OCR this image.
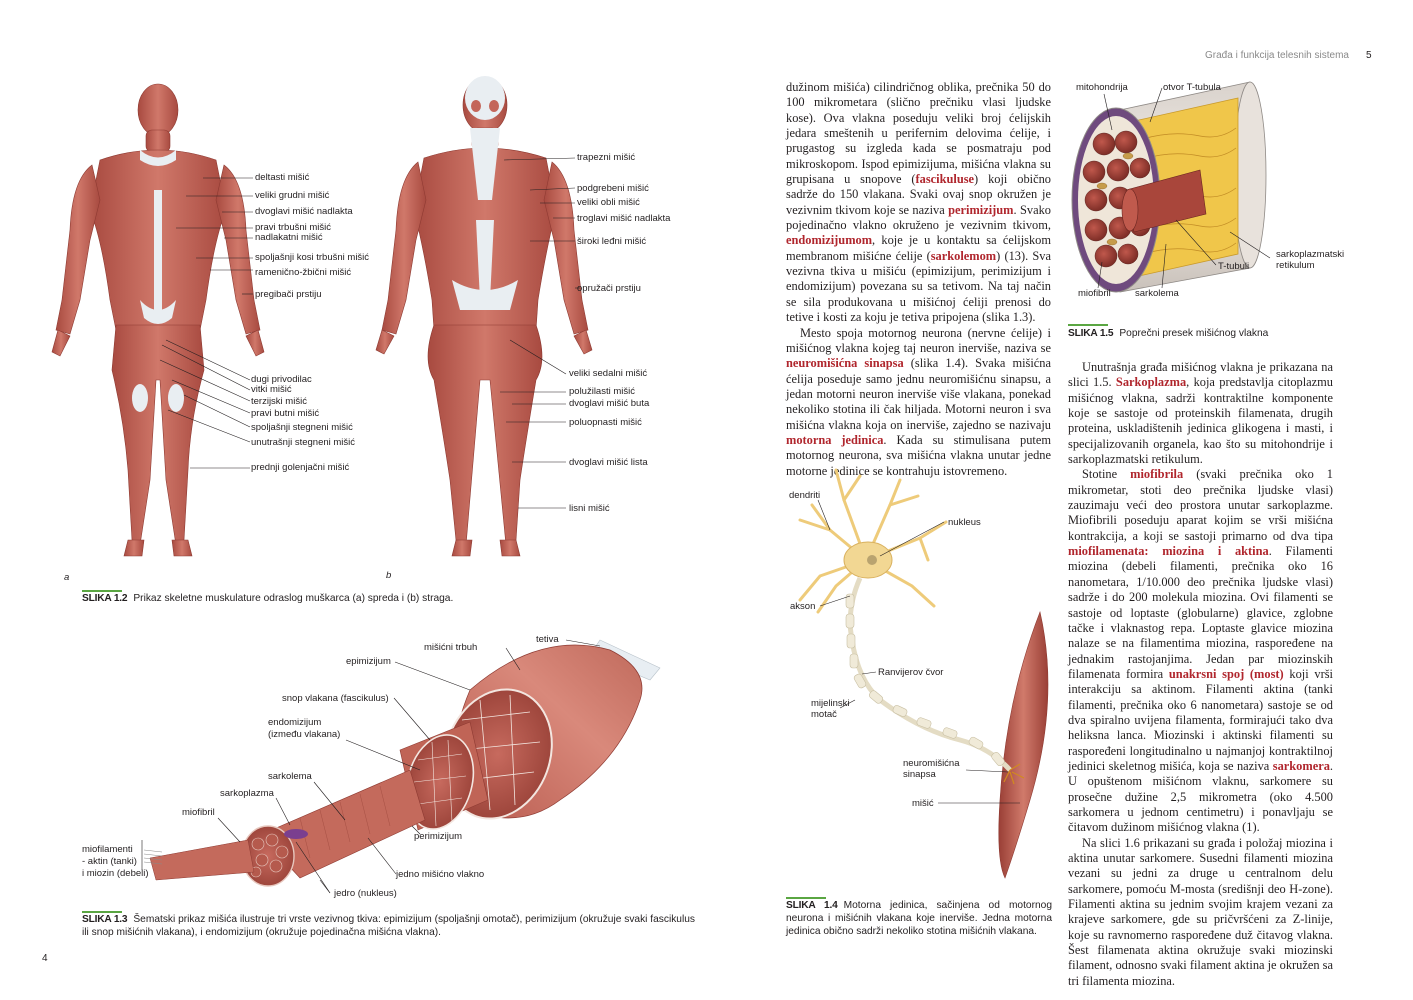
Građa i funkcija telesnih sistema 5
4
deltasti mišić
veliki grudni mišić
dvoglavi mišić nadlakta
pravi trbušni mišić
nadlakatni mišić
spoljašnji kosi trbušni mišić
rameničnо-žbični mišić
pregibači prstiju
dugi privodilac
vitki mišić
terzijski mišić
pravi butni mišić
spoljašnji stegneni mišić
unutrašnji stegneni mišić
prednji golenjačni mišić
trapezni mišić
podgrebeni mišić
veliki obli mišić
troglavi mišić nadlakta
široki leđni mišić
opružači prstiju
veliki sedalni mišić
polužilasti mišić
dvoglavi mišić buta
poluopnasti mišić
dvoglavi mišić lista
lisni mišić
a	b
SLIKA 1.2 Prikaz skeletne muskulature odraslog muškarca (a) spreda i (b) straga.
tetiva
mišićni trbuh
epimizijum
snop vlakana (fascikulus)
endomizijum
(između vlakana)
sarkolema
sarkoplazma
miofibril
perimizijum
miofilamenti
- aktin (tanki)
i miozin (debeli)	jedno mišićno vlakno
jedro (nukleus)
SLIKA 1.3 Šematski prikaz mišića ilustruje tri vrste vezivnog tkiva: epimizijum (spoljašnji omotač), perimizijum (okružuje svaki fascikulus ili snop mišićnih vlakana), i endomizijum (okružuje pojedinačna mišićna vlakna).

dužinom mišića) cilindričnog oblika, prečnika 50 do 100 mikrometara (slično prečniku vlasi ljudske kose). Ova vlakna poseduju veliki broj ćelijskih jedara smeštenih u perifernim delovima ćelije, i prugastog su izgleda kada se posmatraju pod mikroskopom. Ispod epimizijuma, mišićna vlakna su grupisana u snopove (fascikuluse) koji obično sadrže do 150 vlakana. Svaki ovaj snop okružen je vezivnim tkivom koje se naziva perimizijum. Svako pojedinačno vlakno okruženo je vezivnim tkivom, endomizijumom, koje je u kontaktu sa ćelijskom membranom mišićne ćelije (sarkolemom) (13). Sva vezivna tkiva u mišiću (epimizijum, perimizijum i endomizijum) povezana su sa tetivom. Na taj način se sila produkovana u mišićnoj ćeliji prenosi do tetive i kosti za koju je tetiva pripojena (slika 1.3).

Mesto spoja motornog neurona (nervne ćelije) i mišićnog vlakna kojeg taj neuron inerviše, naziva se neuromišićna sinapsa (slika 1.4). Svaka mišićna ćelija poseduje samo jednu neuromišićnu sinapsu, a jedan motorni neuron inerviše više vlakana, ponekad nekoliko stotina ili čak hiljada. Motorni neuron i sva mišićna vlakna koja on inerviše, zajedno se nazivaju motorna jedinica. Kada su stimulisana putem motornog neurona, sva mišićna vlakna unutar jedne motorne jedinice se kontrahuju istovremeno.

dendriti
nukleus
akson
Ranvijerov čvor
mijelinski
motač
neuromišićna
sinapsa
mišić
SLIKA 1.4 Motorna jedinica, sačinjena od motornog neurona i mišićnih vlakana koje inerviše. Jedna motorna jedinica obično sadrži nekoliko stotina mišićnih vlakana.
mitohondrija	otvor T-tubula
sarkoplazmatski
retikulum
T-tubuli
miofibril	sarkolema
SLIKA 1.5 Poprečni presek mišićnog vlakna

Unutrašnja građa mišićnog vlakna je prikazana na slici 1.5. Sarkoplazma, koja predstavlja citoplazmu mišićnog vlakna, sadrži kontraktilne komponente koje se sastoje od proteinskih filamenata, drugih proteina, uskladištenih jedinica glikogena i masti, i specijalizovanih organela, kao što su mitohondrije i sarkoplazmatski retikulum.

Stotine miofibrila (svaki prečnika oko 1 mikrometar, stoti deo prečnika ljudske vlasi) zauzimaju veći deo prostora unutar sarkoplazme. Miofibrili poseduju aparat kojim se vrši mišićna kontrakcija, a koji se sastoji primarno od dva tipa miofilamenata: miozina i aktina. Filamenti miozina (debeli filamenti, prečnika oko 16 nanometara, 1/10.000 deo prečnika ljudske vlasi) sadrže i do 200 molekula miozina. Ovi filamenti se sastoje od loptaste (globularne) glavice, zglobne tačke i vlaknastog repa. Loptaste glavice miozina nalaze se na filamentima miozina, raspoređene na jednakim rastojanjima. Jedan par miozinskih filamenata formira unakrsni spoj (most) koji vrši interakciju sa aktinom. Filamenti aktina (tanki filamenti, prečnika oko 6 nanometara) sastoje se od dva spiralno uvijena filamenta, formirajući tako dva heliksna lanca. Miozinski i aktinski filamenti su raspoređeni longitudinalno u najmanjoj kontraktilnoj jedinici skeletnog mišića, koja se naziva sarkomera. U opuštenom mišićnom vlaknu, sarkomere su prosečne dužine 2,5 mikrometra (oko 4.500 sarkomera u jednom centimetru) i ponavljaju se čitavom dužinom mišićnog vlakna (1).

Na slici 1.6 prikazani su građa i položaj miozina i aktina unutar sarkomere. Susedni filamenti miozina vezani su jedni za druge u centralnom delu sarkomere, pomoću M-mosta (središnji deo H-zone). Filamenti aktina su jednim svojim krajem vezani za krajeve sarkomere, gde su pričvršćeni za Z-linije, koje su ravnomerno raspoređene duž čitavog vlakna. Šest filamenata aktina okružuje svaki miozinski filament, odnosno svaki filament aktina je okružen sa tri filamenta miozina.
